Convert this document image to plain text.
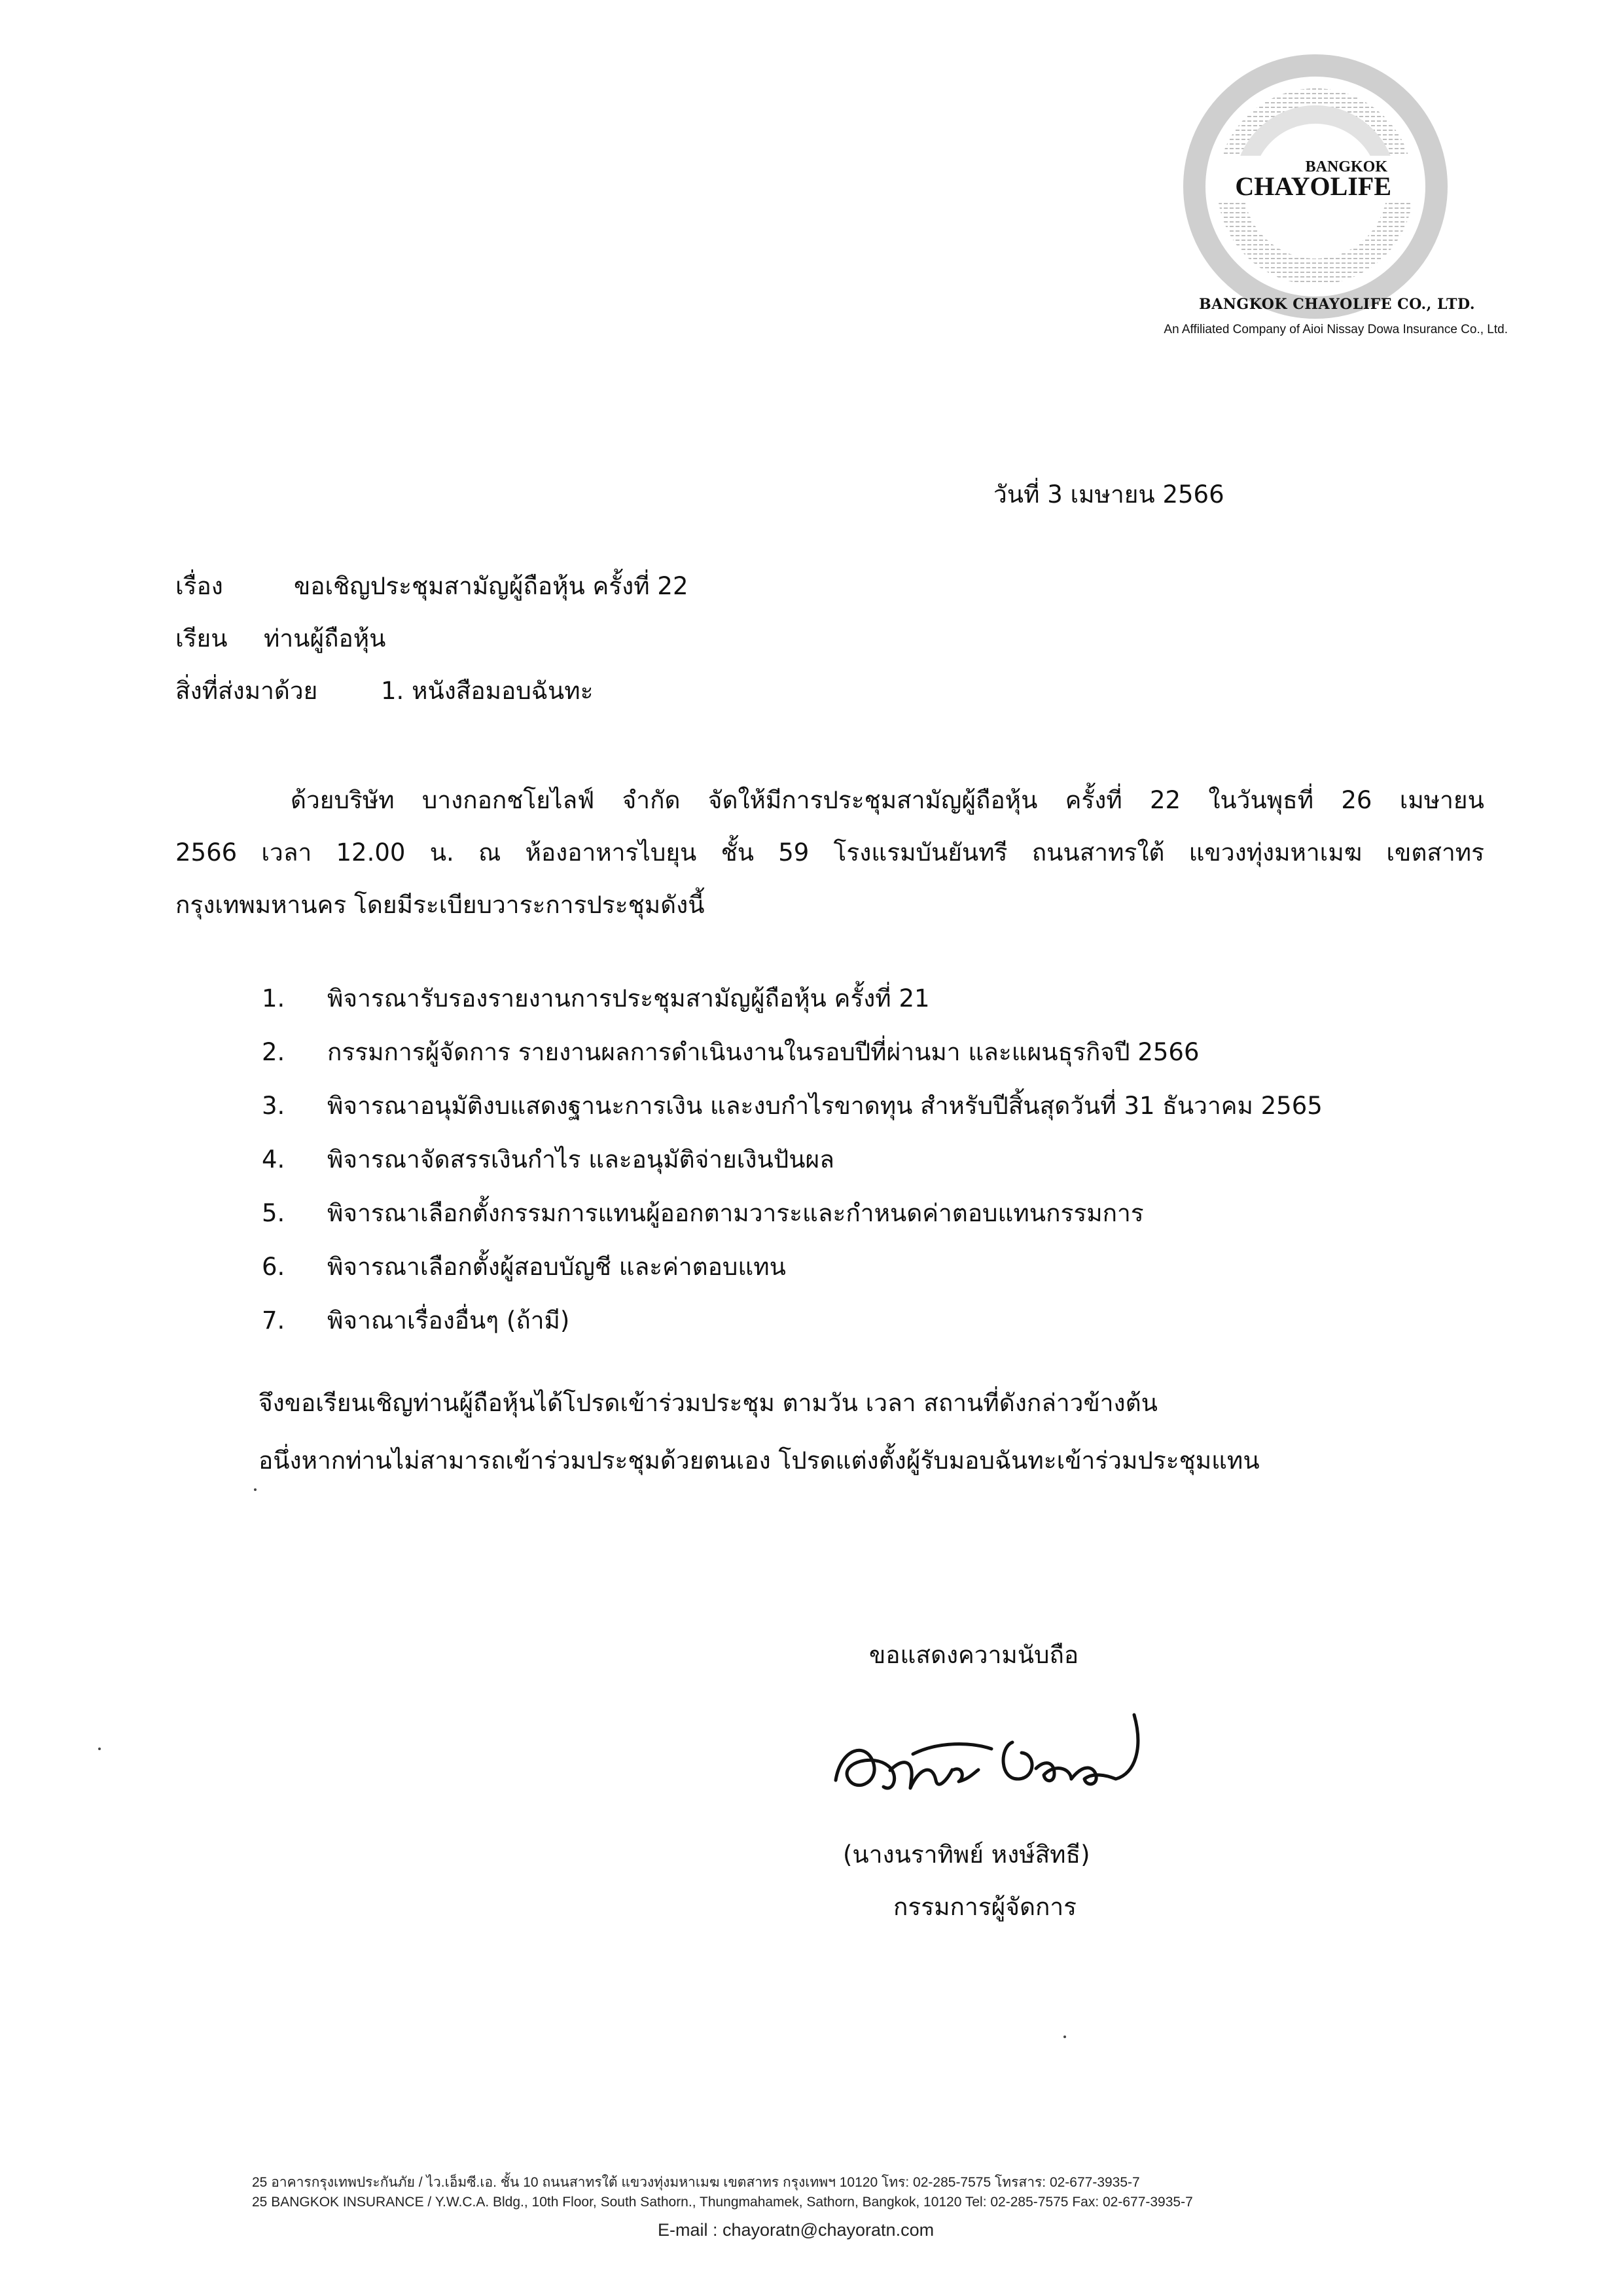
BANGKOK
CHAYOLIFE
BANGKOK CHAYOLIFE CO., LTD.
An Affiliated Company of Aioi Nissay Dowa Insurance Co., Ltd.
วันที่ 3 เมษายน 2566
เรื่อง	ขอเชิญประชุมสามัญผู้ถือหุ้น ครั้งที่ 22
เรียน ท่านผู้ถือหุ้น
สิ่งที่ส่งมาด้วย	1. หนังสือมอบฉันทะ
ด้วยบริษัท บางกอกชโยไลฟ์ จำกัด จัดให้มีการประชุมสามัญผู้ถือหุ้น ครั้งที่ 22 ในวันพุธที่ 26 เมษายน
2566 เวลา 12.00 น. ณ ห้องอาหารไบยุน ชั้น 59 โรงแรมบันยันทรี ถนนสาทรใต้ แขวงทุ่งมหาเมฆ เขตสาทร
กรุงเทพมหานคร โดยมีระเบียบวาระการประชุมดังนี้
1.	พิจารณารับรองรายงานการประชุมสามัญผู้ถือหุ้น ครั้งที่ 21
2.	กรรมการผู้จัดการ รายงานผลการดำเนินงานในรอบปีที่ผ่านมา และแผนธุรกิจปี 2566
3.	พิจารณาอนุมัติงบแสดงฐานะการเงิน และงบกำไรขาดทุน สำหรับปีสิ้นสุดวันที่ 31 ธันวาคม 2565
4.	พิจารณาจัดสรรเงินกำไร และอนุมัติจ่ายเงินปันผล
5.	พิจารณาเลือกตั้งกรรมการแทนผู้ออกตามวาระและกำหนดค่าตอบแทนกรรมการ
6.	พิจารณาเลือกตั้งผู้สอบบัญชี และค่าตอบแทน
7.	พิจาณาเรื่องอื่นๆ (ถ้ามี)
จึงขอเรียนเชิญท่านผู้ถือหุ้นได้โปรดเข้าร่วมประชุม ตามวัน เวลา สถานที่ดังกล่าวข้างต้น
อนึ่งหากท่านไม่สามารถเข้าร่วมประชุมด้วยตนเอง โปรดแต่งตั้งผู้รับมอบฉันทะเข้าร่วมประชุมแทน
ขอแสดงความนับถือ
(นางนราทิพย์ หงษ์สิทธี)
กรรมการผู้จัดการ
25 อาคารกรุงเทพประกันภัย / ไว.เอ็มซี.เอ. ชั้น 10 ถนนสาทรใต้ แขวงทุ่งมหาเมฆ เขตสาทร กรุงเทพฯ 10120 โทร: 02-285-7575 โทรสาร: 02-677-3935-7
25 BANGKOK INSURANCE / Y.W.C.A. Bldg., 10th Floor, South Sathorn., Thungmahamek, Sathorn, Bangkok, 10120 Tel: 02-285-7575 Fax: 02-677-3935-7
E-mail : chayoratn@chayoratn.com
